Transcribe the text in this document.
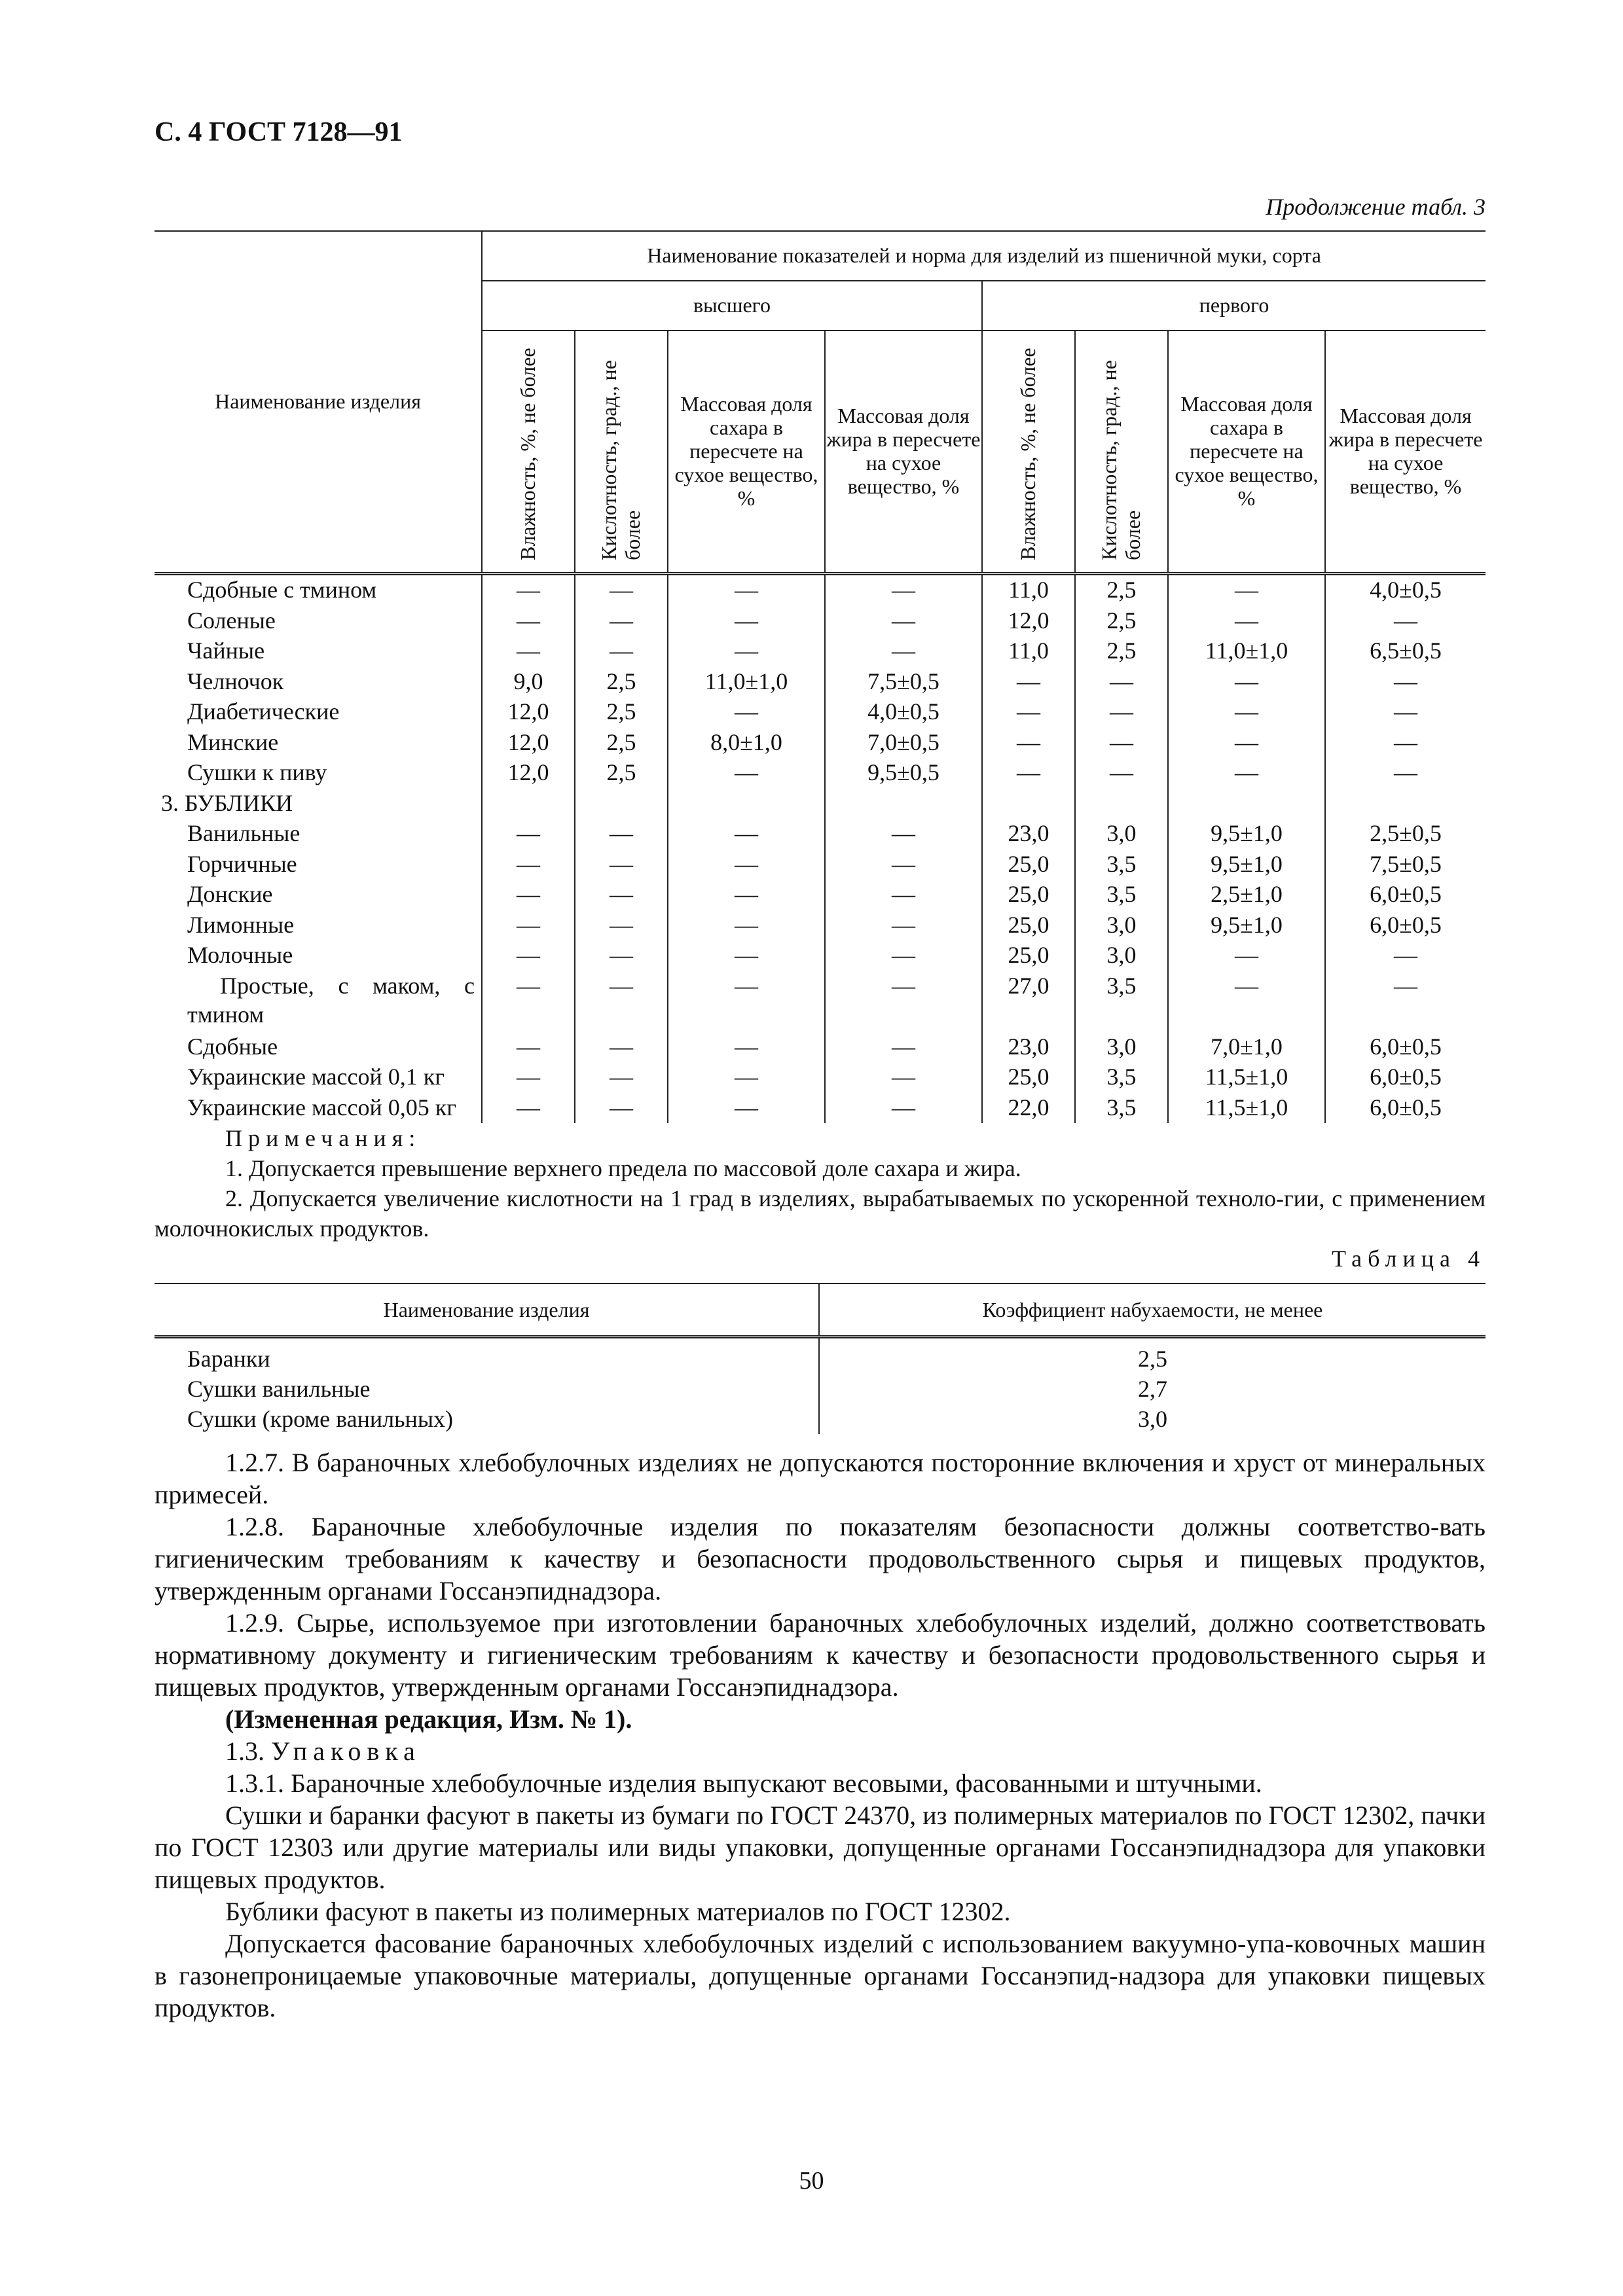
С. 4 ГОСТ 7128—91
Продолжение табл. 3
Наименование изделия	Наименование показателей и норма для изделий из пшеничной муки, сорта							
	высшего				первого			
	Влажность, %, не более	Кислотность, град., не более	Массовая доля сахара в пересчете на сухое вещество, %	Массовая доля жира в пересчете на сухое вещество, %	Влажность, %, не более	Кислотность, град., не более	Массовая доля сахара в пересчете на сухое вещество, %	Массовая доля жира в пересчете на сухое вещество, %
Сдобные с тмином	—	—	—	—	11,0	2,5	—	4,0±0,5
Соленые	—	—	—	—	12,0	2,5	—	—
Чайные	—	—	—	—	11,0	2,5	11,0±1,0	6,5±0,5
Челночок	9,0	2,5	11,0±1,0	7,5±0,5	—	—	—	—
Диабетические	12,0	2,5	—	4,0±0,5	—	—	—	—
Минские	12,0	2,5	8,0±1,0	7,0±0,5	—	—	—	—
Сушки к пиву	12,0	2,5	—	9,5±0,5	—	—	—	—
3. БУБЛИКИ								
Ванильные	—	—	—	—	23,0	3,0	9,5±1,0	2,5±0,5
Горчичные	—	—	—	—	25,0	3,5	9,5±1,0	7,5±0,5
Донские	—	—	—	—	25,0	3,5	2,5±1,0	6,0±0,5
Лимонные	—	—	—	—	25,0	3,0	9,5±1,0	6,0±0,5
Молочные	—	—	—	—	25,0	3,0	—	—

Простые, с маком, с
тмином	—	—	—	—	27,0	3,5	—	—
Сдобные	—	—	—	—	23,0	3,0	7,0±1,0	6,0±0,5
Украинские массой 0,1 кг	—	—	—	—	25,0	3,5	11,5±1,0	6,0±0,5
Украинские массой 0,05 кг	—	—	—	—	22,0	3,5	11,5±1,0	6,0±0,5
Примечания:

1. Допускается превышение верхнего предела по массовой доле сахара и жира.

2. Допускается увеличение кислотности на 1 град в изделиях, вырабатываемых по ускоренной техноло-гии, с применением молочнокислых продуктов.

Таблица 4
Наименование изделия	Коэффициент набухаемости, не менее

Баранки	2,5
Сушки ванильные	2,7
Сушки (кроме ванильных)	3,0

1.2.7. В бараночных хлебобулочных изделиях не допускаются посторонние включения и хруст от минеральных примесей.

1.2.8. Бараночные хлебобулочные изделия по показателям безопасности должны соответство-вать гигиеническим требованиям к качеству и безопасности продовольственного сырья и пищевых продуктов, утвержденным органами Госсанэпиднадзора.

1.2.9. Сырье, используемое при изготовлении бараночных хлебобулочных изделий, должно соответствовать нормативному документу и гигиеническим требованиям к качеству и безопасности продовольственного сырья и пищевых продуктов, утвержденным органами Госсанэпиднадзора.

(Измененная редакция, Изм. № 1).

1.3. Упаковка

1.3.1. Бараночные хлебобулочные изделия выпускают весовыми, фасованными и штучными.

Сушки и баранки фасуют в пакеты из бумаги по ГОСТ 24370, из полимерных материалов по ГОСТ 12302, пачки по ГОСТ 12303 или другие материалы или виды упаковки, допущенные органами Госсанэпиднадзора для упаковки пищевых продуктов.

Бублики фасуют в пакеты из полимерных материалов по ГОСТ 12302.

Допускается фасование бараночных хлебобулочных изделий с использованием вакуумно-упа-ковочных машин в газонепроницаемые упаковочные материалы, допущенные органами Госсанэпид-надзора для упаковки пищевых продуктов.

50
